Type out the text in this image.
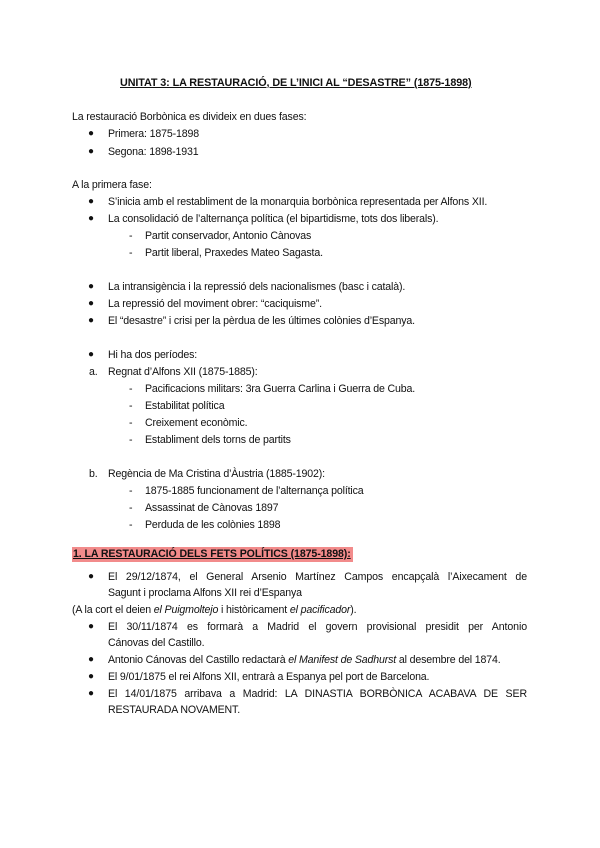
UNITAT 3: LA RESTAURACIÓ, DE L’INICI AL “DESASTRE” (1875-1898)
La restauració Borbònica es divideix en dues fases:
● Primera: 1875-1898
● Segona: 1898-1931
A la primera fase:
● S’inicia amb el restabliment de la monarquia borbònica representada per Alfons XII.
● La consolidació de l’alternança política (el bipartidisme, tots dos liberals).
- Partit conservador, Antonio Cànovas
- Partit liberal, Praxedes Mateo Sagasta.
● La intransigència i la repressió dels nacionalismes (basc i català).
● La repressió del moviment obrer: “caciquisme”.
● El “desastre” i crisi per la pèrdua de les últimes colònies d’Espanya.
● Hi ha dos períodes:
a. Regnat d’Alfons XII (1875-1885):
- Pacificacions militars: 3ra Guerra Carlina i Guerra de Cuba.
- Estabilitat política
- Creixement econòmic.
- Establiment dels torns de partits
b. Regència de Ma Cristina d’Àustria (1885-1902):
- 1875-1885 funcionament de l’alternança política
- Assassinat de Cànovas 1897
- Perduda de les colònies 1898
1. LA RESTAURACIÓ DELS FETS POLÍTICS (1875-1898):
● El 29/12/1874, el General Arsenio Martínez Campos encapçalà l’Aixecament de
Sagunt i proclama Alfons XII rei d’Espanya
(A la cort el deien el Puigmoltejo i històricament el pacificador).
● El 30/11/1874 es formarà a Madrid el govern provisional presidit per Antonio
Cánovas del Castillo.
● Antonio Cánovas del Castillo redactarà el Manifest de Sadhurst al desembre del 1874.
● El 9/01/1875 el rei Alfons XII, entrarà a Espanya pel port de Barcelona.
● El 14/01/1875 arribava a Madrid: LA DINASTIA BORBÒNICA ACABAVA DE SER
RESTAURADA NOVAMENT.
